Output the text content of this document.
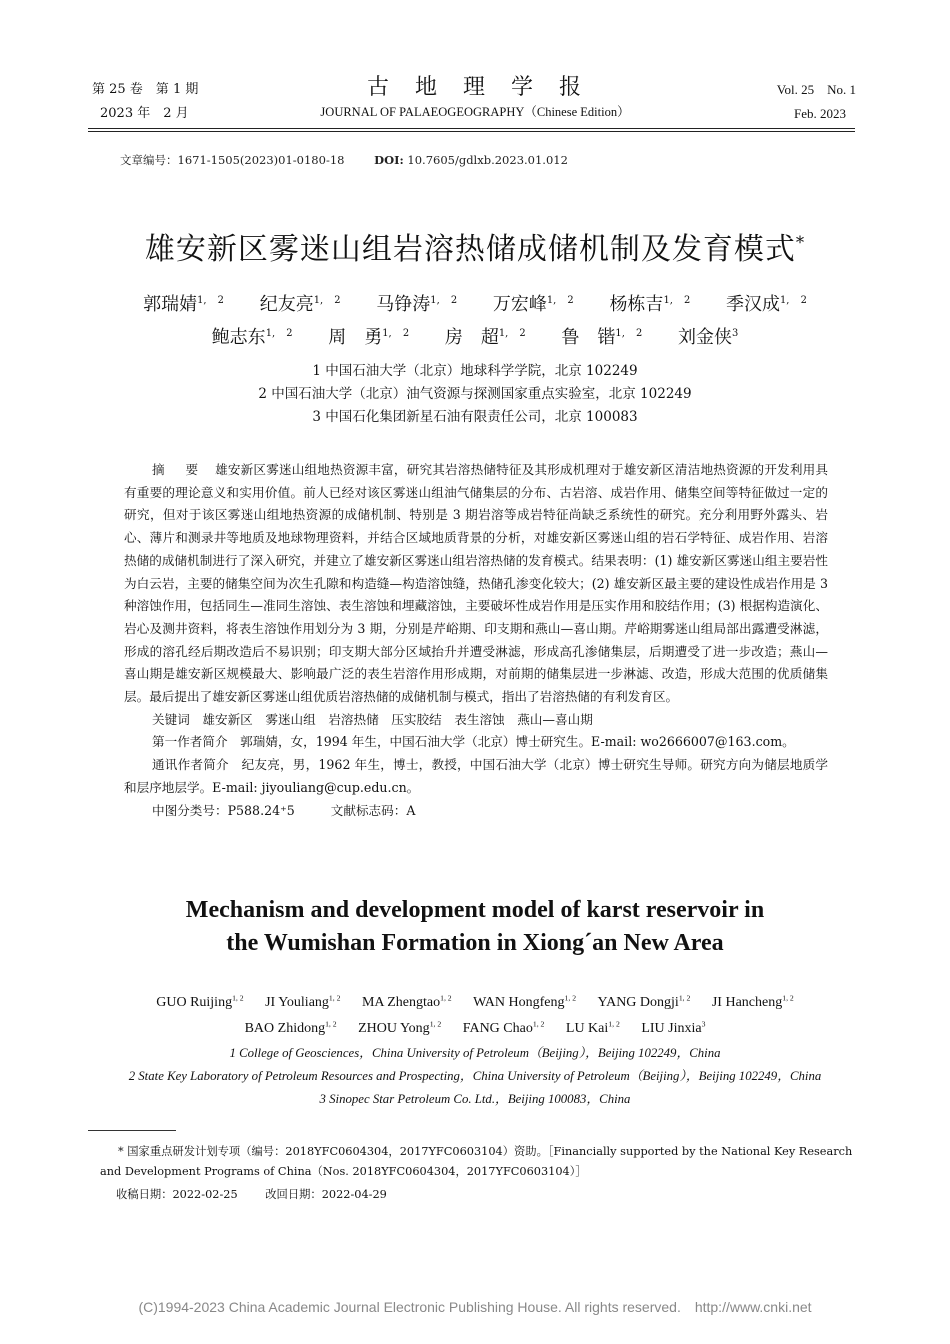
第 25 卷　第 1 期
2023 年　2 月
古　地　理　学　报
JOURNAL OF PALAEOGEOGRAPHY（Chinese Edition）
Vol. 25　No. 1
Feb. 2023
文章编号：1671-1505(2023)01-0180-18	DOI: 10.7605/gdlxb.2023.01.012
雄安新区雾迷山组岩溶热储成储机制及发育模式*
郭瑞婧$^{1, 2}$ 纪友亮$^{1, 2}$ 马铮涛$^{1, 2}$ 万宏峰$^{1, 2}$ 杨栋吉$^{1, 2}$ 季汉成$^{1, 2}$
鲍志东$^{1, 2}$ 周　勇$^{1, 2}$ 房　超$^{1, 2}$ 鲁　锴$^{1, 2}$ 刘金侠$^3$
1 中国石油大学（北京）地球科学学院，北京 102249
2 中国石油大学（北京）油气资源与探测国家重点实验室，北京 102249
3 中国石化集团新星石油有限责任公司，北京 100083

摘　要　 雄安新区雾迷山组地热资源丰富，研究其岩溶热储特征及其形成机理对于雄安新区清洁地热资源的开发利用具有重要的理论意义和实用价值。前人已经对该区雾迷山组油气储集层的分布、古岩溶、成岩作用、储集空间等特征做过一定的研究，但对于该区雾迷山组地热资源的成储机制、特别是 3 期岩溶等成岩特征尚缺乏系统性的研究。充分利用野外露头、岩心、薄片和测录井等地质及地球物理资料，并结合区域地质背景的分析，对雄安新区雾迷山组的岩石学特征、成岩作用、岩溶热储的成储机制进行了深入研究，并建立了雄安新区雾迷山组岩溶热储的发育模式。结果表明：(1) 雄安新区雾迷山组主要岩性为白云岩，主要的储集空间为次生孔隙和构造缝—构造溶蚀缝，热储孔渗变化较大；(2) 雄安新区最主要的建设性成岩作用是 3 种溶蚀作用，包括同生—准同生溶蚀、表生溶蚀和埋藏溶蚀，主要破坏性成岩作用是压实作用和胶结作用；(3) 根据构造演化、岩心及测井资料，将表生溶蚀作用划分为 3 期，分别是芹峪期、印支期和燕山—喜山期。芹峪期雾迷山组局部出露遭受淋滤，形成的溶孔经后期改造后不易识别；印支期大部分区域抬升并遭受淋滤，形成高孔渗储集层，后期遭受了进一步改造；燕山—喜山期是雄安新区规模最大、影响最广泛的表生岩溶作用形成期，对前期的储集层进一步淋滤、改造，形成大范围的优质储集层。最后提出了雄安新区雾迷山组优质岩溶热储的成储机制与模式，指出了岩溶热储的有利发育区。

关键词　 雄安新区　雾迷山组　岩溶热储　压实胶结　表生溶蚀　燕山—喜山期

第一作者简介　 郭瑞婧，女，1994 年生，中国石油大学（北京）博士研究生。E-mail: wo2666007@163.com。

通讯作者简介　 纪友亮，男，1962 年生，博士，教授，中国石油大学（北京）博士研究生导师。研究方向为储层地质学和层序地层学。E-mail: jiyouliang@cup.edu.cn。

中图分类号：P588.24⁺5	文献标志码：A

Mechanism and development model of karst reservoir in
the Wumishan Formation in Xiong´an New Area
GUO Ruijing$^{1, 2}$ JI Youliang$^{1, 2}$ MA Zhengtao$^{1, 2}$ WAN Hongfeng$^{1, 2}$ YANG Dongji$^{1, 2}$ JI Hancheng$^{1, 2}$
BAO Zhidong$^{1, 2}$ ZHOU Yong$^{1, 2}$ FANG Chao$^{1, 2}$ LU Kai$^{1, 2}$ LIU Jinxia$^3$
1 College of Geosciences，China University of Petroleum（Beijing），Beijing 102249，China
2 State Key Laboratory of Petroleum Resources and Prospecting，China University of Petroleum（Beijing），Beijing 102249，China
3 Sinopec Star Petroleum Co. Ltd.，Beijing 100083，China
* 国家重点研发计划专项（编号：2018YFC0604304，2017YFC0603104）资助。［Financially supported by the National Key Research and Development Programs of China（Nos. 2018YFC0604304，2017YFC0603104）］
收稿日期：2022-02-25 改回日期：2022-04-29
(C)1994-2023 China Academic Journal Electronic Publishing House. All rights reserved.　http://www.cnki.net
